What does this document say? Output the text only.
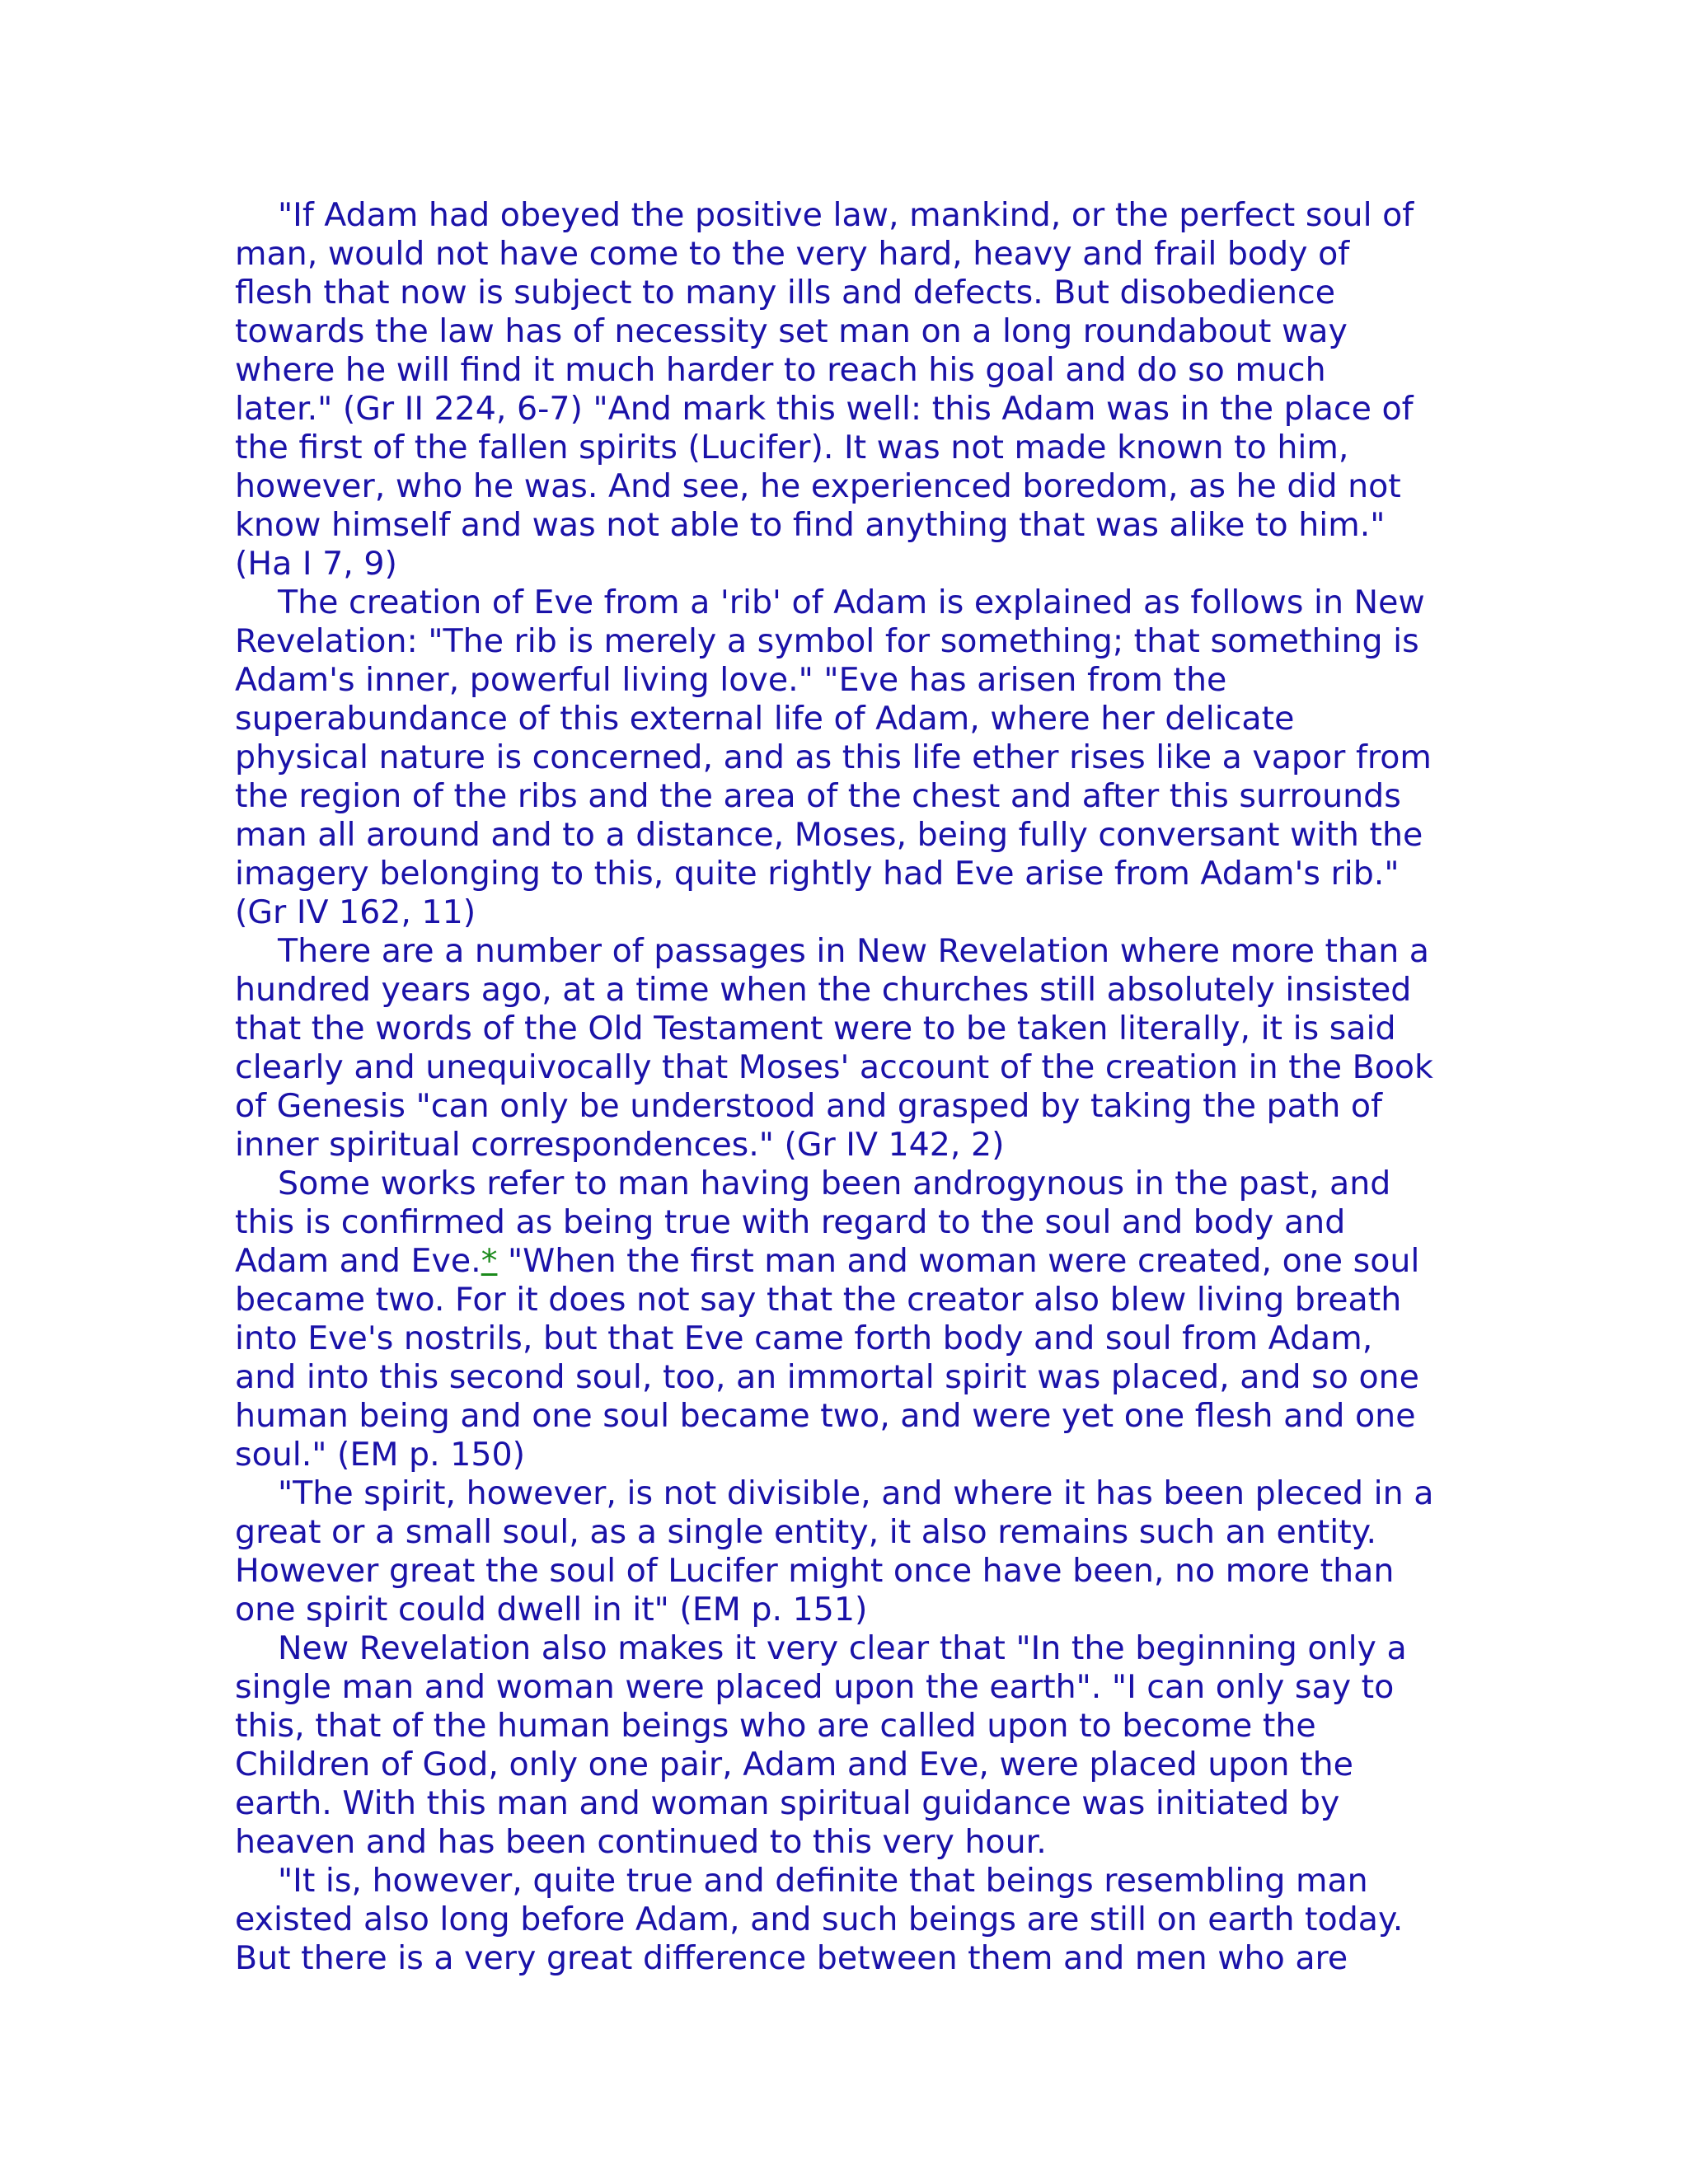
"If Adam had obeyed the positive law, mankind, or the perfect soul of
man, would not have come to the very hard, heavy and frail body of
flesh that now is subject to many ills and defects. But disobedience
towards the law has of necessity set man on a long roundabout way
where he will find it much harder to reach his goal and do so much
later." (Gr II 224, 6-7) "And mark this well: this Adam was in the place of
the first of the fallen spirits (Lucifer). It was not made known to him,
however, who he was. And see, he experienced boredom, as he did not
know himself and was not able to find anything that was alike to him."
(Ha I 7, 9)
The creation of Eve from a 'rib' of Adam is explained as follows in New
Revelation: "The rib is merely a symbol for something; that something is
Adam's inner, powerful living love." "Eve has arisen from the
superabundance of this external life of Adam, where her delicate
physical nature is concerned, and as this life ether rises like a vapor from
the region of the ribs and the area of the chest and after this surrounds
man all around and to a distance, Moses, being fully conversant with the
imagery belonging to this, quite rightly had Eve arise from Adam's rib."
(Gr IV 162, 11)
There are a number of passages in New Revelation where more than a
hundred years ago, at a time when the churches still absolutely insisted
that the words of the Old Testament were to be taken literally, it is said
clearly and unequivocally that Moses' account of the creation in the Book
of Genesis "can only be understood and grasped by taking the path of
inner spiritual correspondences." (Gr IV 142, 2)
Some works refer to man having been androgynous in the past, and
this is confirmed as being true with regard to the soul and body and
Adam and Eve.* "When the first man and woman were created, one soul
became two. For it does not say that the creator also blew living breath
into Eve's nostrils, but that Eve came forth body and soul from Adam,
and into this second soul, too, an immortal spirit was placed, and so one
human being and one soul became two, and were yet one flesh and one
soul." (EM p. 150)
"The spirit, however, is not divisible, and where it has been pleced in a
great or a small soul, as a single entity, it also remains such an entity.
However great the soul of Lucifer might once have been, no more than
one spirit could dwell in it" (EM p. 151)
New Revelation also makes it very clear that "In the beginning only a
single man and woman were placed upon the earth". "I can only say to
this, that of the human beings who are called upon to become the
Children of God, only one pair, Adam and Eve, were placed upon the
earth. With this man and woman spiritual guidance was initiated by
heaven and has been continued to this very hour.
"It is, however, quite true and definite that beings resembling man
existed also long before Adam, and such beings are still on earth today.
But there is a very great difference between them and men who are
